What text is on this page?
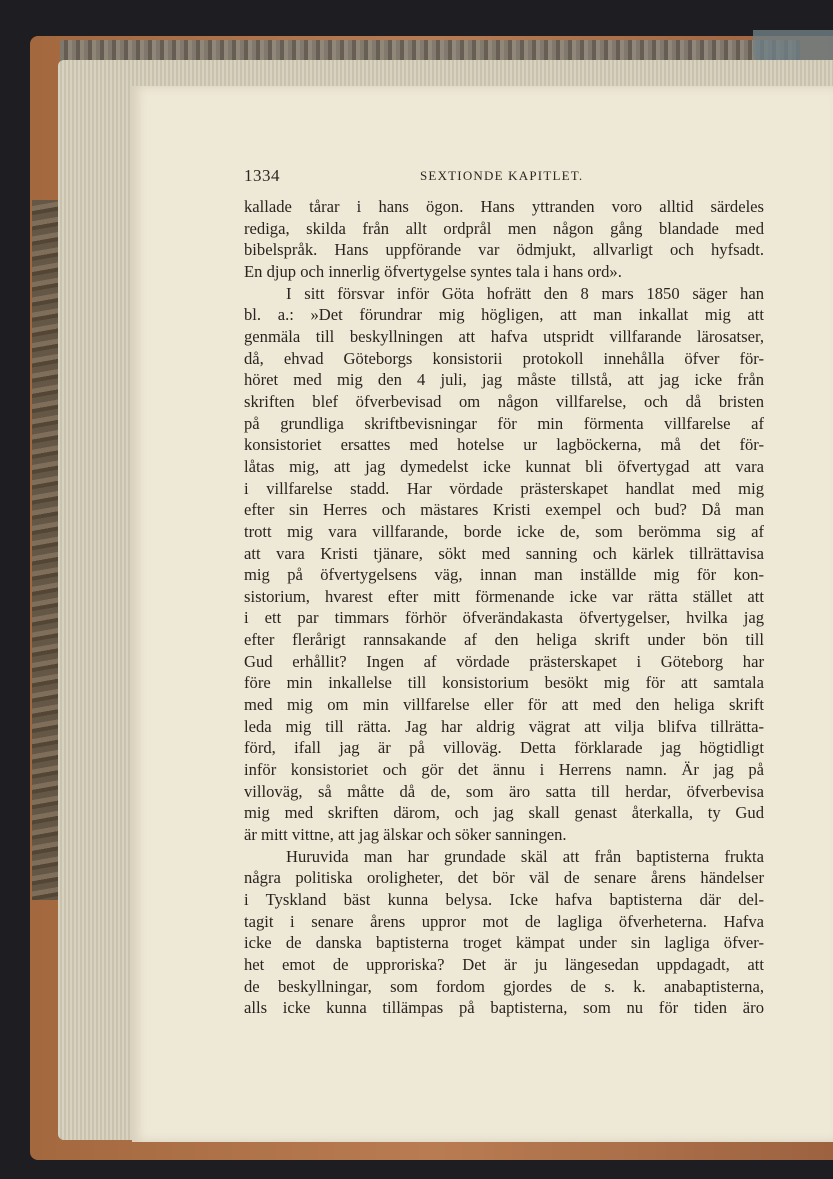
1334	SEXTIONDE KAPITLET.
kallade tårar i hans ögon. Hans yttranden voro alltid särdeles
rediga, skilda från allt ordprål men någon gång blandade med
bibelspråk. Hans uppförande var ödmjukt, allvarligt och hyfsadt.
En djup och innerlig öfvertygelse syntes tala i hans ord».
I sitt försvar inför Göta hofrätt den 8 mars 1850 säger han
bl. a.: »Det förundrar mig högligen, att man inkallat mig att
genmäla till beskyllningen att hafva utspridt villfarande lärosatser,
då, ehvad Göteborgs konsistorii protokoll innehålla öfver för-
höret med mig den 4 juli, jag måste tillstå, att jag icke från
skriften blef öfverbevisad om någon villfarelse, och då bristen
på grundliga skriftbevisningar för min förmenta villfarelse af
konsistoriet ersattes med hotelse ur lagböckerna, må det för-
låtas mig, att jag dymedelst icke kunnat bli öfvertygad att vara
i villfarelse stadd. Har vördade prästerskapet handlat med mig
efter sin Herres och mästares Kristi exempel och bud? Då man
trott mig vara villfarande, borde icke de, som berömma sig af
att vara Kristi tjänare, sökt med sanning och kärlek tillrättavisa
mig på öfvertygelsens väg, innan man inställde mig för kon-
sistorium, hvarest efter mitt förmenande icke var rätta stället att
i ett par timmars förhör öfverändakasta öfvertygelser, hvilka jag
efter flerårigt rannsakande af den heliga skrift under bön till
Gud erhållit? Ingen af vördade prästerskapet i Göteborg har
före min inkallelse till konsistorium besökt mig för att samtala
med mig om min villfarelse eller för att med den heliga skrift
leda mig till rätta. Jag har aldrig vägrat att vilja blifva tillrätta-
förd, ifall jag är på villoväg. Detta förklarade jag högtidligt
inför konsistoriet och gör det ännu i Herrens namn. Är jag på
villoväg, så måtte då de, som äro satta till herdar, öfverbevisa
mig med skriften därom, och jag skall genast återkalla, ty Gud
är mitt vittne, att jag älskar och söker sanningen.
Huruvida man har grundade skäl att från baptisterna frukta
några politiska oroligheter, det bör väl de senare årens händelser
i Tyskland bäst kunna belysa. Icke hafva baptisterna där del-
tagit i senare årens uppror mot de lagliga öfverheterna. Hafva
icke de danska baptisterna troget kämpat under sin lagliga öfver-
het emot de upproriska? Det är ju längesedan uppdagadt, att
de beskyllningar, som fordom gjordes de s. k. anabaptisterna,
alls icke kunna tillämpas på baptisterna, som nu för tiden äro
